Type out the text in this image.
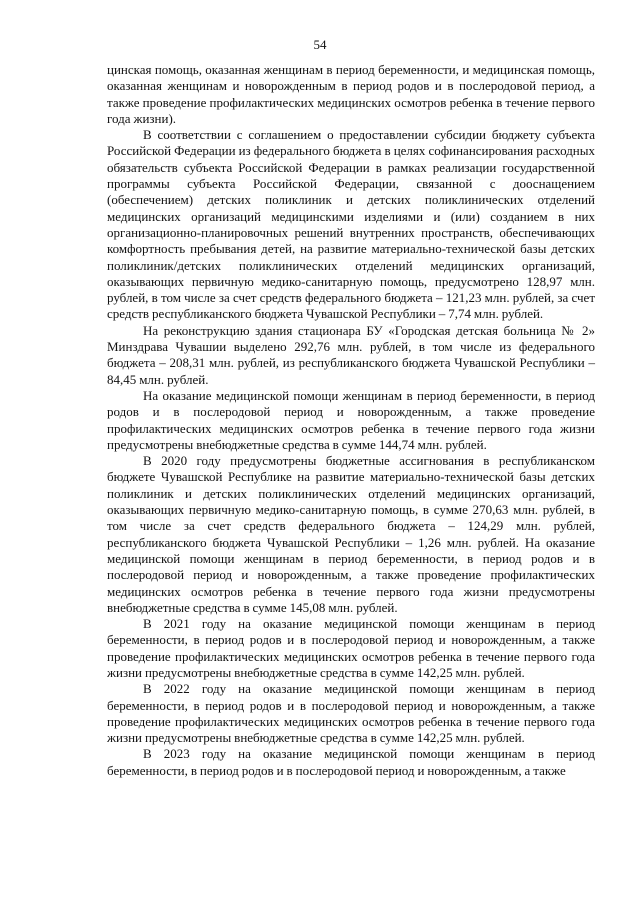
54

цинская помощь, оказанная женщинам в период беременности, и медицинская помощь, оказанная женщинам и новорожденным в период родов и в послеродовой период, а также проведение профилактических медицинских осмотров ребенка в течение первого года жизни).

В соответствии с соглашением о предоставлении субсидии бюджету субъекта Российской Федерации из федерального бюджета в целях софинансирования расходных обязательств субъекта Российской Федерации в рамках реализации государственной программы субъекта Российской Федерации, связанной с дооснащением (обеспечением) детских поликлиник и детских поликлинических отделений медицинских организаций медицинскими изделиями и (или) созданием в них организационно-планировочных решений внутренних пространств, обеспечивающих комфортность пребывания детей, на развитие материально-технической базы детских поликлиник/детских поликлинических отделений медицинских организаций, оказывающих первичную медико-санитарную помощь, предусмотрено 128,97 млн. рублей, в том числе за счет средств федерального бюджета – 121,23 млн. рублей, за счет средств республиканского бюджета Чувашской Республики – 7,74 млн. рублей.

На реконструкцию здания стационара БУ «Городская детская больница № 2» Минздрава Чувашии выделено 292,76 млн. рублей, в том числе из федерального бюджета – 208,31 млн. рублей, из республиканского бюджета Чувашской Республики – 84,45 млн. рублей.

На оказание медицинской помощи женщинам в период беременности, в период родов и в послеродовой период и новорожденным, а также проведение профилактических медицинских осмотров ребенка в течение первого года жизни предусмотрены внебюджетные средства в сумме 144,74 млн. рублей.

В 2020 году предусмотрены бюджетные ассигнования в республиканском бюджете Чувашской Республике на развитие материально-технической базы детских поликлиник и детских поликлинических отделений медицинских организаций, оказывающих первичную медико-санитарную помощь, в сумме 270,63 млн. рублей, в том числе за счет средств федерального бюджета – 124,29 млн. рублей, республиканского бюджета Чувашской Республики – 1,26 млн. рублей. На оказание медицинской помощи женщинам в период беременности, в период родов и в послеродовой период и новорожденным, а также проведение профилактических медицинских осмотров ребенка в течение первого года жизни предусмотрены внебюджетные средства в сумме 145,08 млн. рублей.

В 2021 году на оказание медицинской помощи женщинам в период беременности, в период родов и в послеродовой период и новорожденным, а также проведение профилактических медицинских осмотров ребенка в течение первого года жизни предусмотрены внебюджетные средства в сумме 142,25 млн. рублей.

В 2022 году на оказание медицинской помощи женщинам в период беременности, в период родов и в послеродовой период и новорожденным, а также проведение профилактических медицинских осмотров ребенка в течение первого года жизни предусмотрены внебюджетные средства в сумме 142,25 млн. рублей.

В 2023 году на оказание медицинской помощи женщинам в период беременности, в период родов и в послеродовой период и новорожденным, а также
